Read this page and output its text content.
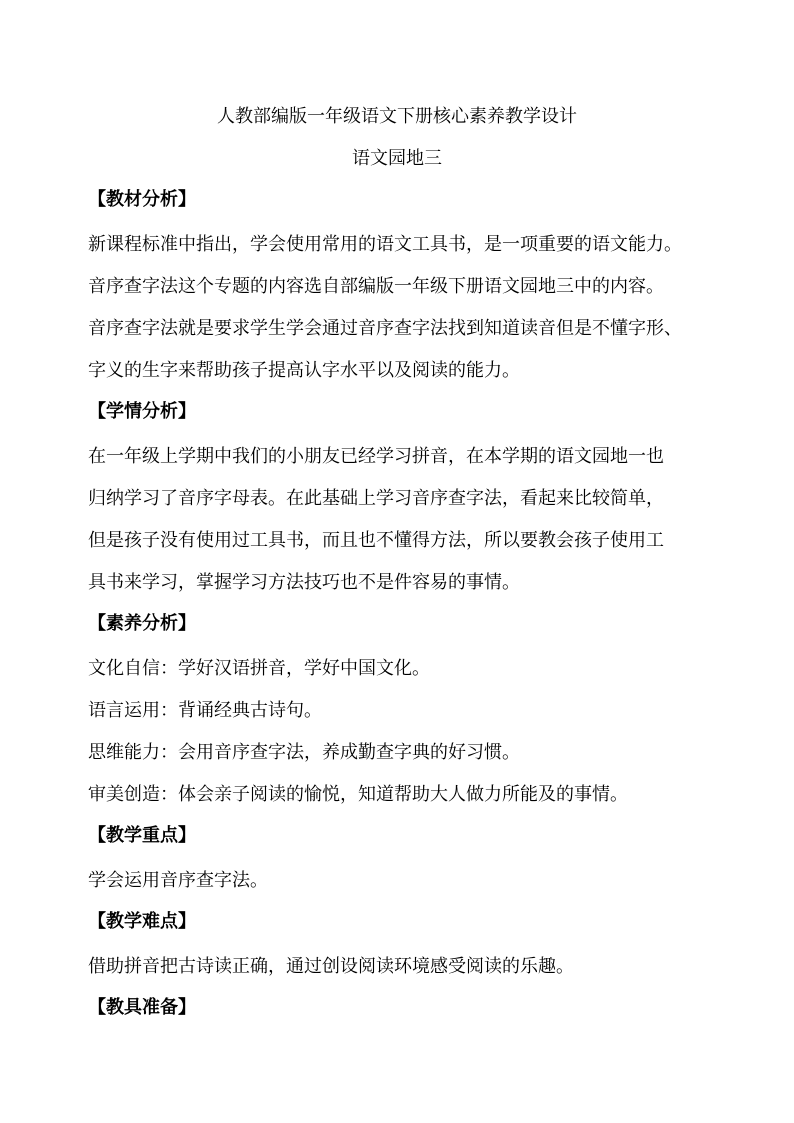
人教部编版一年级语文下册核心素养教学设计
语文园地三
【教材分析】
新课程标准中指出，学会使用常用的语文工具书，是一项重要的语文能力。
音序查字法这个专题的内容选自部编版一年级下册语文园地三中的内容。
音序查字法就是要求学生学会通过音序查字法找到知道读音但是不懂字形、
字义的生字来帮助孩子提高认字水平以及阅读的能力。
【学情分析】
在一年级上学期中我们的小朋友已经学习拼音，在本学期的语文园地一也
归纳学习了音序字母表。在此基础上学习音序查字法，看起来比较简单，
但是孩子没有使用过工具书，而且也不懂得方法，所以要教会孩子使用工
具书来学习，掌握学习方法技巧也不是件容易的事情。
【素养分析】
文化自信：学好汉语拼音，学好中国文化。
语言运用：背诵经典古诗句。
思维能力：会用音序查字法，养成勤查字典的好习惯。
审美创造：体会亲子阅读的愉悦，知道帮助大人做力所能及的事情。
【教学重点】
学会运用音序查字法。
【教学难点】
借助拼音把古诗读正确，通过创设阅读环境感受阅读的乐趣。
【教具准备】
